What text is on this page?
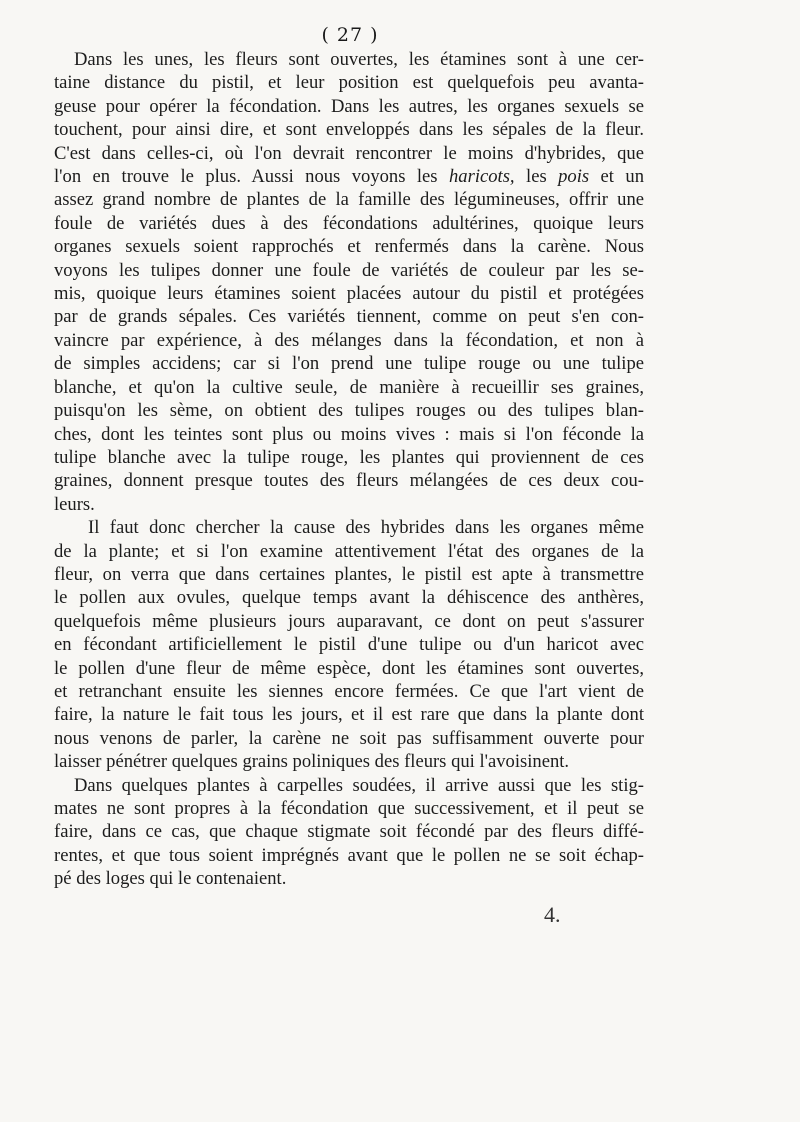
( 27 )
Dans les unes, les fleurs sont ouvertes, les étamines sont à une cer-
taine distance du pistil, et leur position est quelquefois peu avanta-
geuse pour opérer la fécondation. Dans les autres, les organes sexuels se
touchent, pour ainsi dire, et sont enveloppés dans les sépales de la fleur.
C'est dans celles-ci, où l'on devrait rencontrer le moins d'hybrides, que
l'on en trouve le plus. Aussi nous voyons les haricots, les pois et un
assez grand nombre de plantes de la famille des légumineuses, offrir une
foule de variétés dues à des fécondations adultérines, quoique leurs
organes sexuels soient rapprochés et renfermés dans la carène. Nous
voyons les tulipes donner une foule de variétés de couleur par les se-
mis, quoique leurs étamines soient placées autour du pistil et protégées
par de grands sépales. Ces variétés tiennent, comme on peut s'en con-
vaincre par expérience, à des mélanges dans la fécondation, et non à
de simples accidens; car si l'on prend une tulipe rouge ou une tulipe
blanche, et qu'on la cultive seule, de manière à recueillir ses graines,
puisqu'on les sème, on obtient des tulipes rouges ou des tulipes blan-
ches, dont les teintes sont plus ou moins vives : mais si l'on féconde la
tulipe blanche avec la tulipe rouge, les plantes qui proviennent de ces
graines, donnent presque toutes des fleurs mélangées de ces deux cou-
leurs.
Il faut donc chercher la cause des hybrides dans les organes même
de la plante; et si l'on examine attentivement l'état des organes de la
fleur, on verra que dans certaines plantes, le pistil est apte à transmettre
le pollen aux ovules, quelque temps avant la déhiscence des anthères,
quelquefois même plusieurs jours auparavant, ce dont on peut s'assurer
en fécondant artificiellement le pistil d'une tulipe ou d'un haricot avec
le pollen d'une fleur de même espèce, dont les étamines sont ouvertes,
et retranchant ensuite les siennes encore fermées. Ce que l'art vient de
faire, la nature le fait tous les jours, et il est rare que dans la plante dont
nous venons de parler, la carène ne soit pas suffisamment ouverte pour
laisser pénétrer quelques grains poliniques des fleurs qui l'avoisinent.
Dans quelques plantes à carpelles soudées, il arrive aussi que les stig-
mates ne sont propres à la fécondation que successivement, et il peut se
faire, dans ce cas, que chaque stigmate soit fécondé par des fleurs diffé-
rentes, et que tous soient imprégnés avant que le pollen ne se soit échap-
pé des loges qui le contenaient.
4.
